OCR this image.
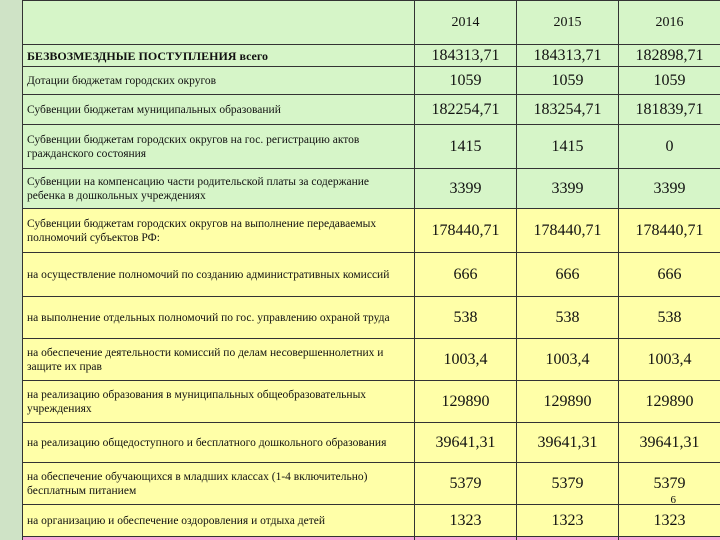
	2014	2015	2016
БЕЗВОЗМЕЗДНЫЕ ПОСТУПЛЕНИЯ всего	184313,71	184313,71	182898,71
Дотации бюджетам городских округов	1059	1059	1059
Субвенции бюджетам муниципальных образований	182254,71	183254,71	181839,71
Субвенции бюджетам городских округов на гос. регистрацию актов гражданского состояния	1415	1415	0
Субвенции на компенсацию части родительской платы за содержание ребенка в дошкольных учреждениях	3399	3399	3399
Субвенции бюджетам городских округов на выполнение передаваемых полномочий субъектов РФ:	178440,71	178440,71	178440,71
на осуществление полномочий по созданию административных комиссий	666	666	666
на выполнение отдельных полномочий по гос. управлению охраной труда	538	538	538
на обеспечение деятельности комиссий по делам несовершеннолетних и защите их прав	1003,4	1003,4	1003,4
на реализацию образования в муниципальных общеобразовательных учреждениях	129890	129890	129890
на реализацию общедоступного и бесплатного дошкольного образования	39641,31	39641,31	39641,31
на обеспечение обучающихся в младших классах (1-4 включительно) бесплатным питанием	5379	5379	5379
на организацию и обеспечение оздоровления и отдыха детей	1323	1323	1323

6
